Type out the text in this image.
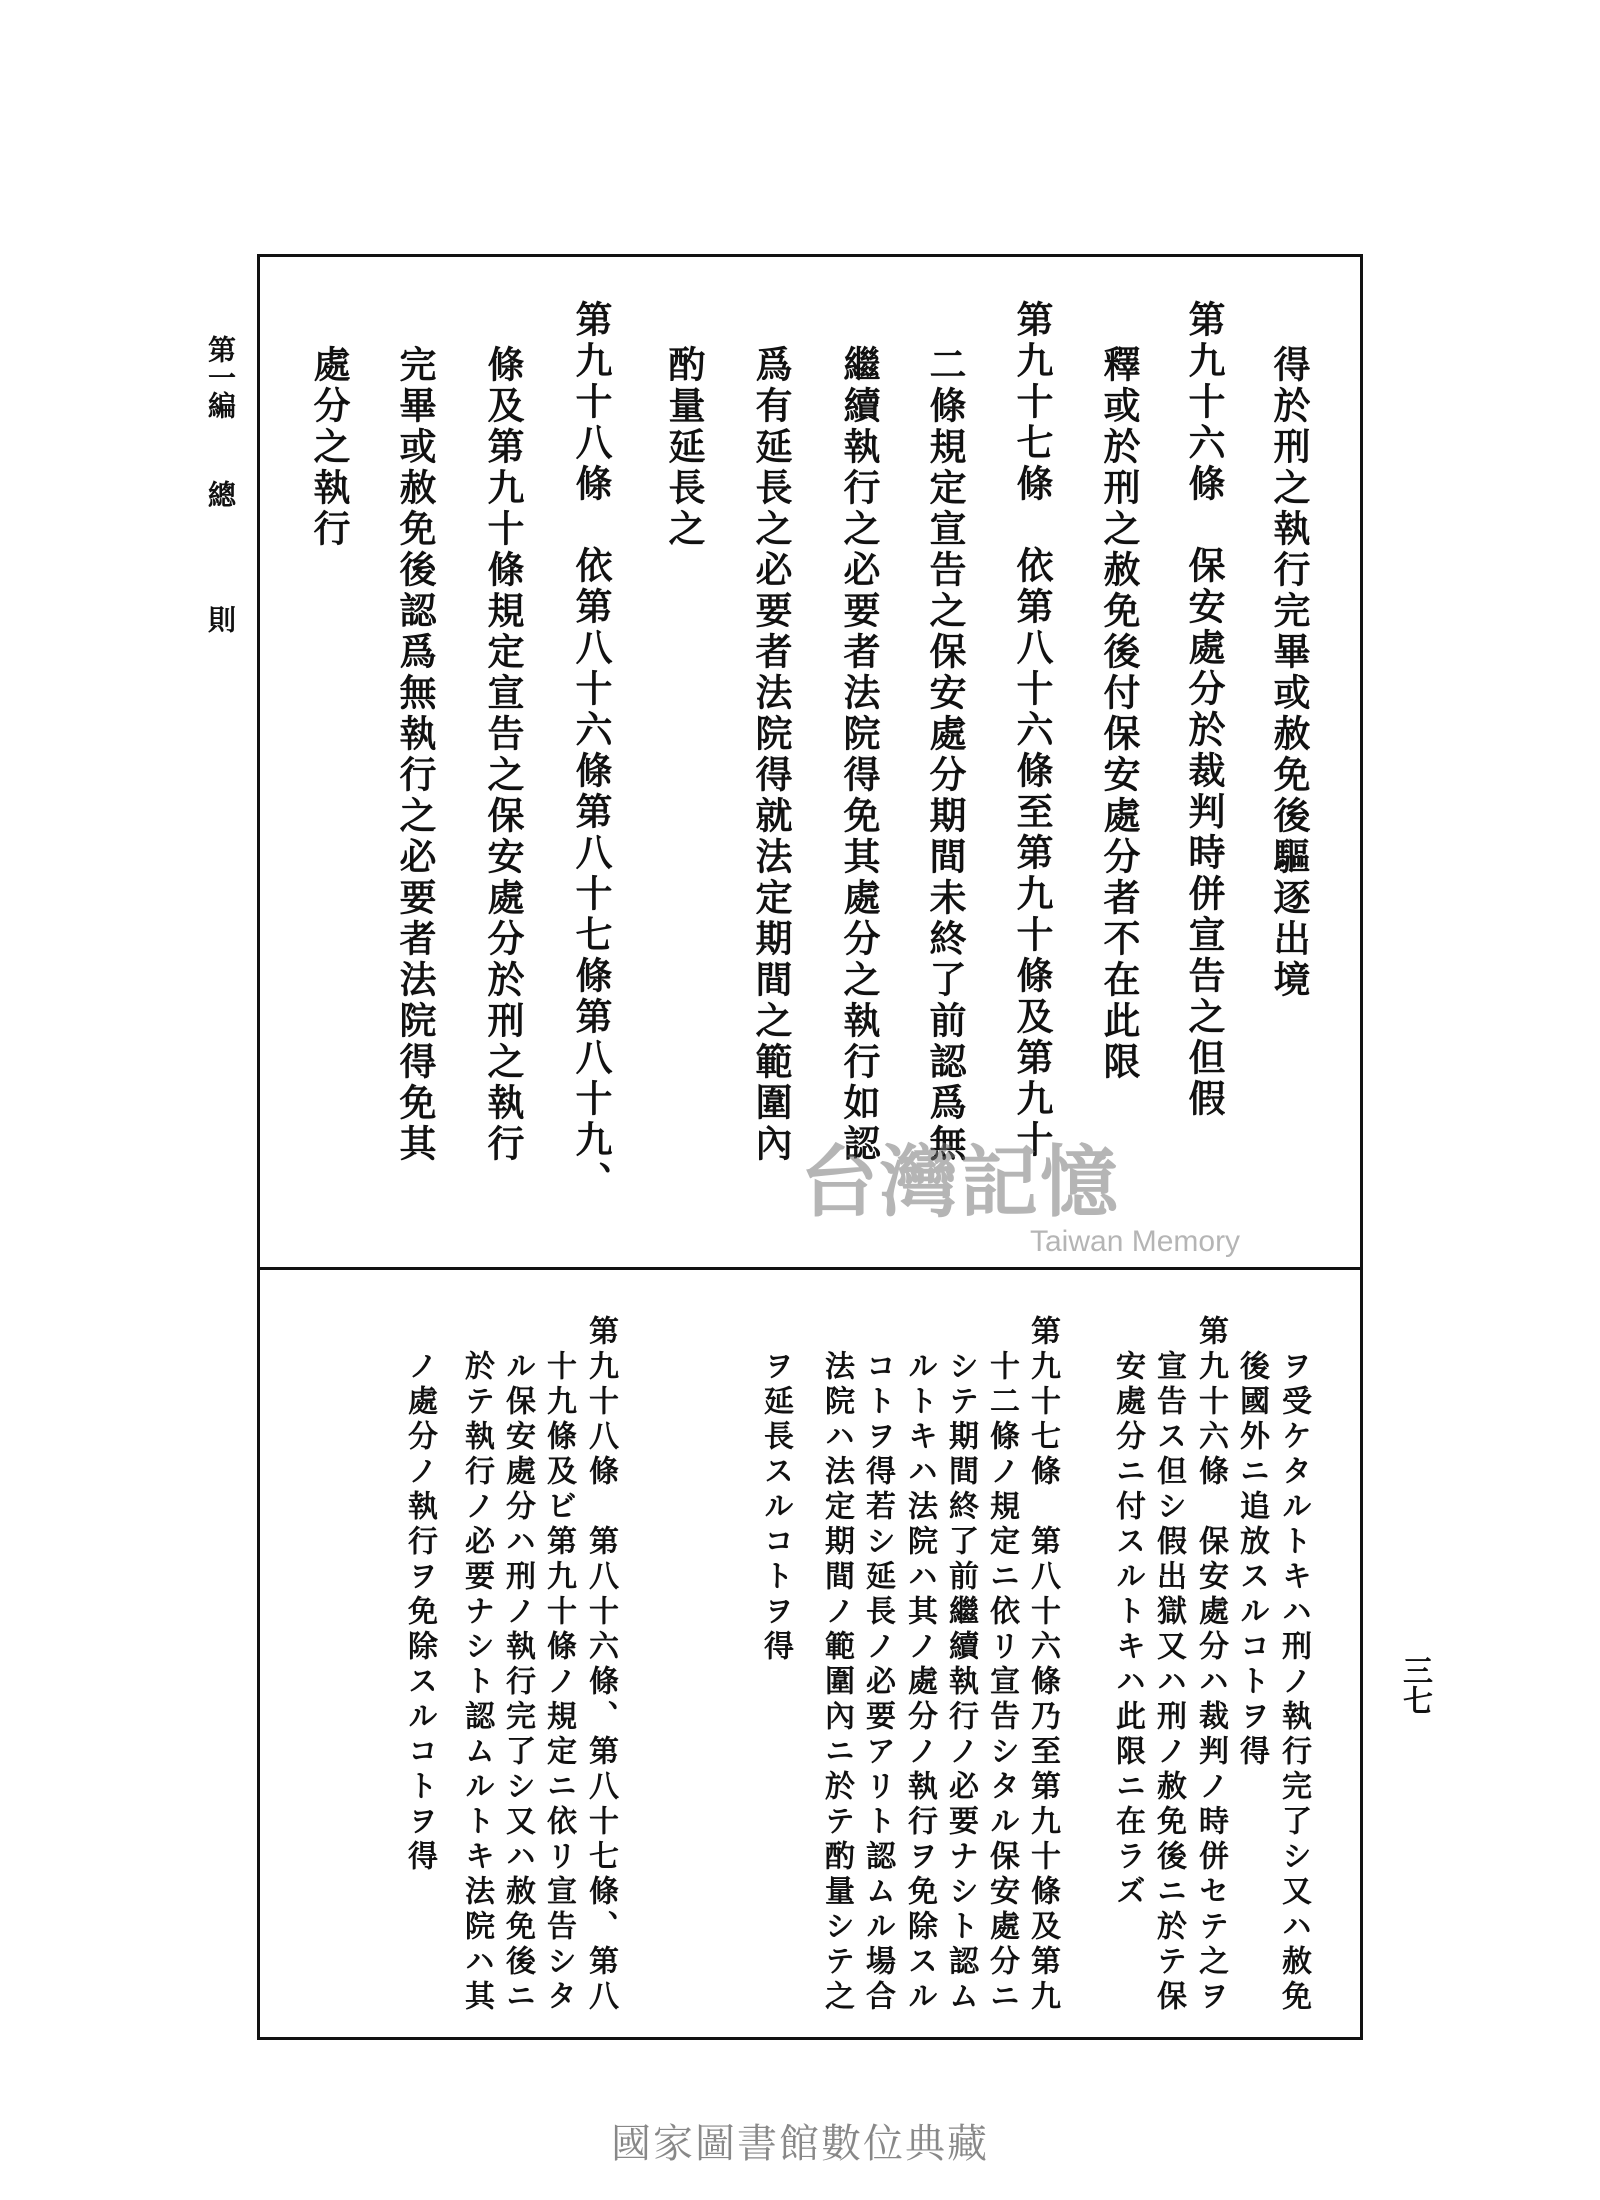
第一編
總
則	得於刑之執行完畢或赦免後驅逐出境
第九十六條　保安處分於裁判時併宣告之但假
釋或於刑之赦免後付保安處分者不在此限
第九十七條　依第八十六條至第九十條及第九十
二條規定宣告之保安處分期間未終了前認爲無
繼續執行之必要者法院得免其處分之執行如認
爲有延長之必要者法院得就法定期間之範圍內
酌量延長之
第九十八條　依第八十六條第八十七條第八十九、
條及第九十條規定宣告之保安處分於刑之執行
完畢或赦免後認爲無執行之必要者法院得免其
處分之執行
ヲ受ケタルトキハ刑ノ執行完了シ又ハ赦免
後國外ニ追放スルコトヲ得
第九十六條　保安處分ハ裁判ノ時併セテ之ヲ
宣告ス但シ假出獄又ハ刑ノ赦免後ニ於テ保
安處分ニ付スルトキハ此限ニ在ラズ
第九十七條　第八十六條乃至第九十條及第九
十二條ノ規定ニ依リ宣告シタル保安處分ニ
シテ期間終了前繼續執行ノ必要ナシト認ム
ルトキハ法院ハ其ノ處分ノ執行ヲ免除スル
コトヲ得若シ延長ノ必要アリト認ムル場合
法院ハ法定期間ノ範圍內ニ於テ酌量シテ之
ヲ延長スルコトヲ得
第九十八條　第八十六條、第八十七條、第八
十九條及ビ第九十條ノ規定ニ依リ宣告シタ
ル保安處分ハ刑ノ執行完了シ又ハ赦免後ニ
於テ執行ノ必要ナシト認ムルトキ法院ハ其
ノ處分ノ執行ヲ免除スルコトヲ得	三七
台灣記憶
Taiwan Memory
國家圖書館數位典藏
